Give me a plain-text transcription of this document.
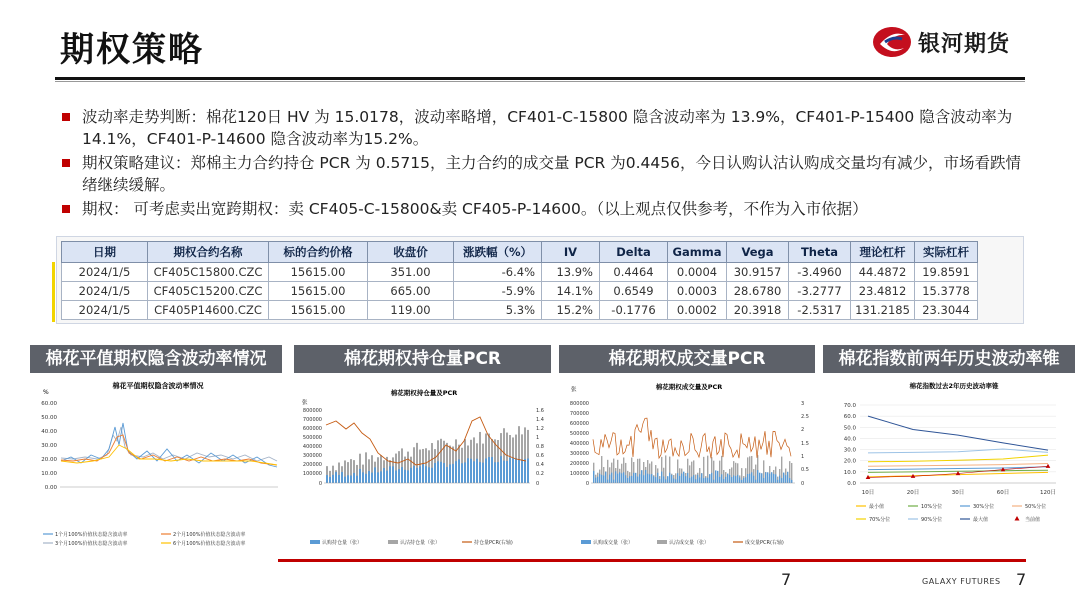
期权策略	银河期货
波动率走势判断：棉花120日 HV 为 15.0178，波动率略增，CF401-C-15800 隐含波动率为 13.9%，CF401-P-15400 隐含波动率为 14.1%，CF401-P-14600 隐含波动率为15.2%。
期权策略建议：郑棉主力合约持仓 PCR 为 0.5715，主力合约的成交量 PCR 为0.4456，今日认购认沽认购成交量均有减少，市场看跌情绪继续缓解。
期权： 可考虑卖出宽跨期权：卖 CF405-C-15800&卖 CF405-P-14600。（以上观点仅供参考，不作为入市依据）
日期	期权合约名称	标的合约价格	收盘价	涨跌幅（%）	IV	Delta	Gamma	Vega	Theta	理论杠杆	实际杠杆
2024/1/5	CF405C15800.CZC	15615.00	351.00	-6.4%	13.9%	0.4464	0.0004	30.9157	-3.4960	44.4872	19.8591
2024/1/5	CF405C15200.CZC	15615.00	665.00	-5.9%	14.1%	0.6549	0.0003	28.6780	-3.2777	23.4812	15.3778
2024/1/5	CF405P14600.CZC	15615.00	119.00	5.3%	15.2%	-0.1776	0.0002	20.3918	-2.5317	131.2185	23.3044
棉花平值期权隐含波动率情况	棉花期权持仓量PCR	棉花期权成交量PCR	棉花指数前两年历史波动率锥
棉花平值期权隐含波动率情况
%
60.00
50.00
40.00
30.00
20.00
10.00
0.00
1个月100%价值状态隐含波动率	2个月100%价值状态隐含波动率
3个月100%价值状态隐含波动率	6个月100%价值状态隐含波动率
棉花期权持仓量及PCR
张
800000
700000
600000
500000
400000
300000
200000
100000
0
1.6
1.4
1.2
1
0.8
0.6
0.4
0.2
0
认购持仓量（张）	认沽持仓量（张）	持仓量PCR(右轴)
棉花期权成交量及PCR
张
800000
700000
600000
500000
400000
300000
200000
100000
0
3
2.5
2
1.5
1
0.5
0
认购成交量（张）	认沽成交量（张）	成交量PCR(右轴)
棉花指数过去2年历史波动率锥
70.0
60.0
50.0
40.0
30.0
20.0
10.0
0.0
10日	20日	30日	60日	120日
最小值	10%分位	30%分位	50%分位
70%分位	90%分位	最大值	当前值
7	GALAXY FUTURES 7
